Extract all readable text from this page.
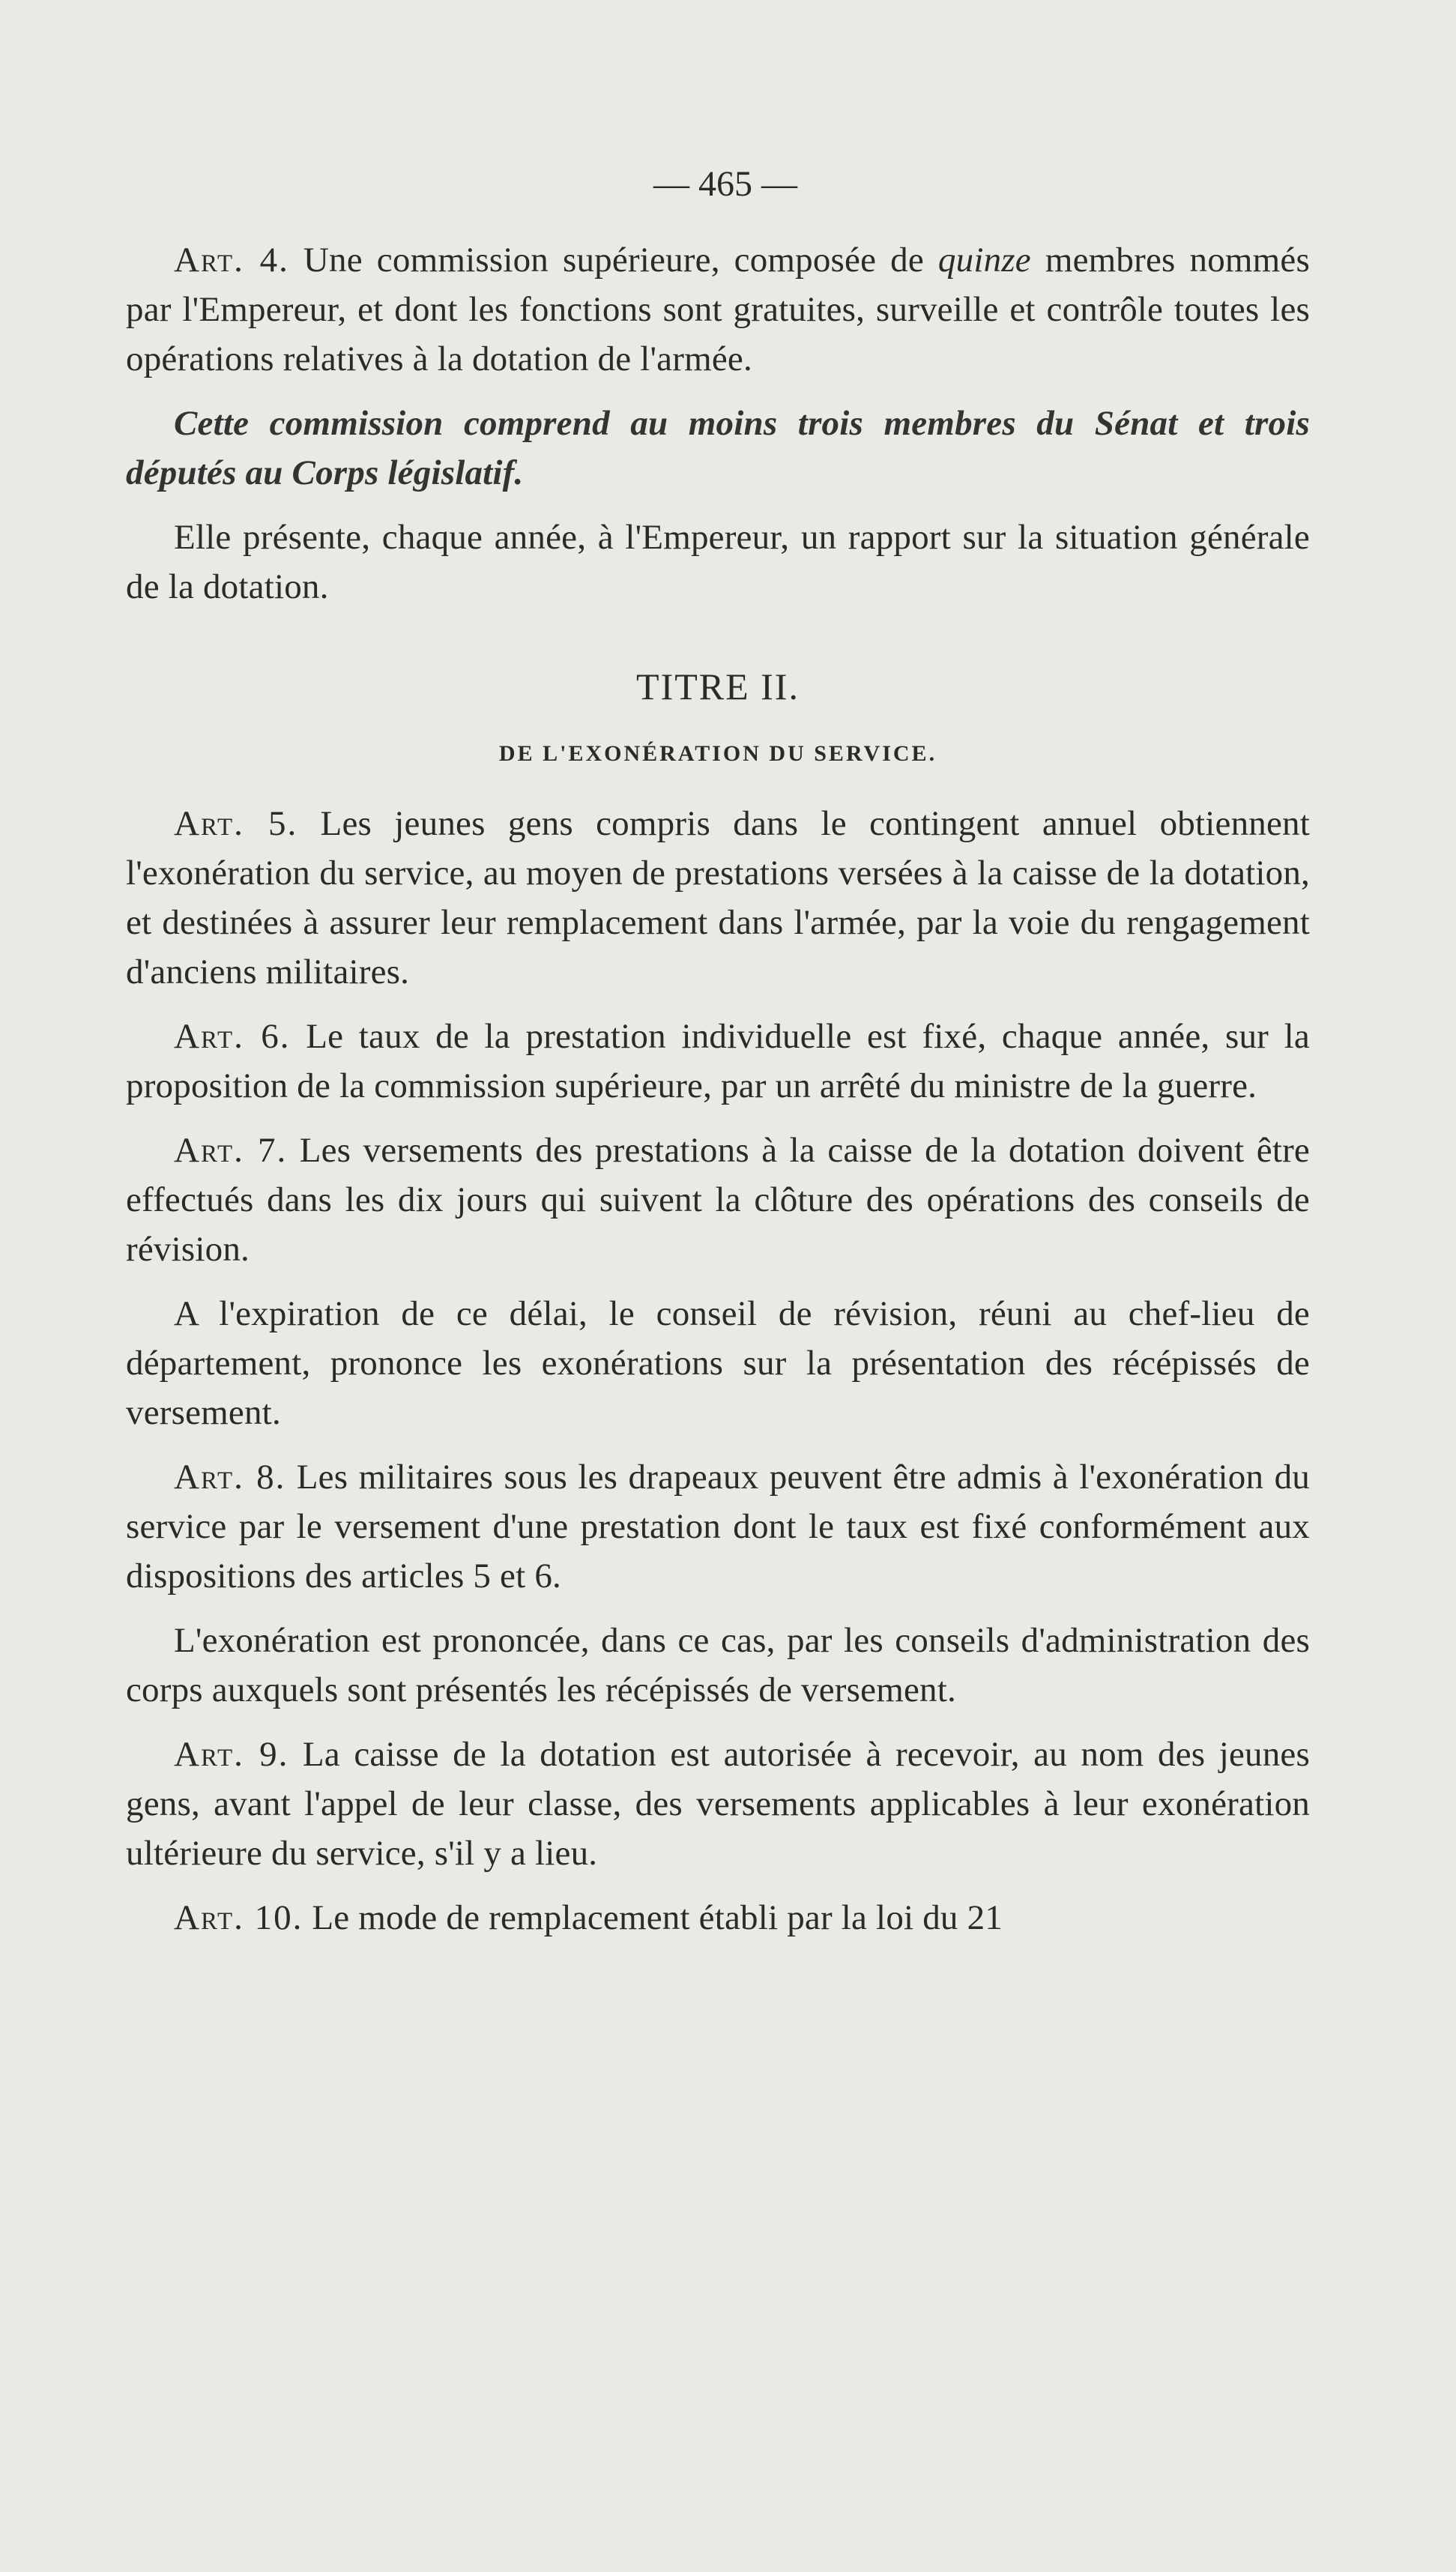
— 465 —

Art. 4. Une commission supérieure, composée de quinze membres nommés par l'Empereur, et dont les fonctions sont gratuites, surveille et contrôle toutes les opérations relatives à la dotation de l'armée.

Cette commission comprend au moins trois membres du Sénat et trois députés au Corps législatif.

Elle présente, chaque année, à l'Empereur, un rapport sur la situation générale de la dotation.

TITRE II.
DE L'EXONÉRATION DU SERVICE.

Art. 5. Les jeunes gens compris dans le contingent annuel obtiennent l'exonération du service, au moyen de prestations versées à la caisse de la dotation, et destinées à assurer leur remplacement dans l'armée, par la voie du rengagement d'anciens militaires.

Art. 6. Le taux de la prestation individuelle est fixé, chaque année, sur la proposition de la commission supérieure, par un arrêté du ministre de la guerre.

Art. 7. Les versements des prestations à la caisse de la dotation doivent être effectués dans les dix jours qui suivent la clôture des opérations des conseils de révision.

A l'expiration de ce délai, le conseil de révision, réuni au chef-lieu de département, prononce les exonérations sur la présentation des récépissés de versement.

Art. 8. Les militaires sous les drapeaux peuvent être admis à l'exonération du service par le versement d'une prestation dont le taux est fixé conformément aux dispositions des articles 5 et 6.

L'exonération est prononcée, dans ce cas, par les conseils d'administration des corps auxquels sont présentés les récépissés de versement.

Art. 9. La caisse de la dotation est autorisée à recevoir, au nom des jeunes gens, avant l'appel de leur classe, des versements applicables à leur exonération ultérieure du service, s'il y a lieu.

Art. 10. Le mode de remplacement établi par la loi du 21
